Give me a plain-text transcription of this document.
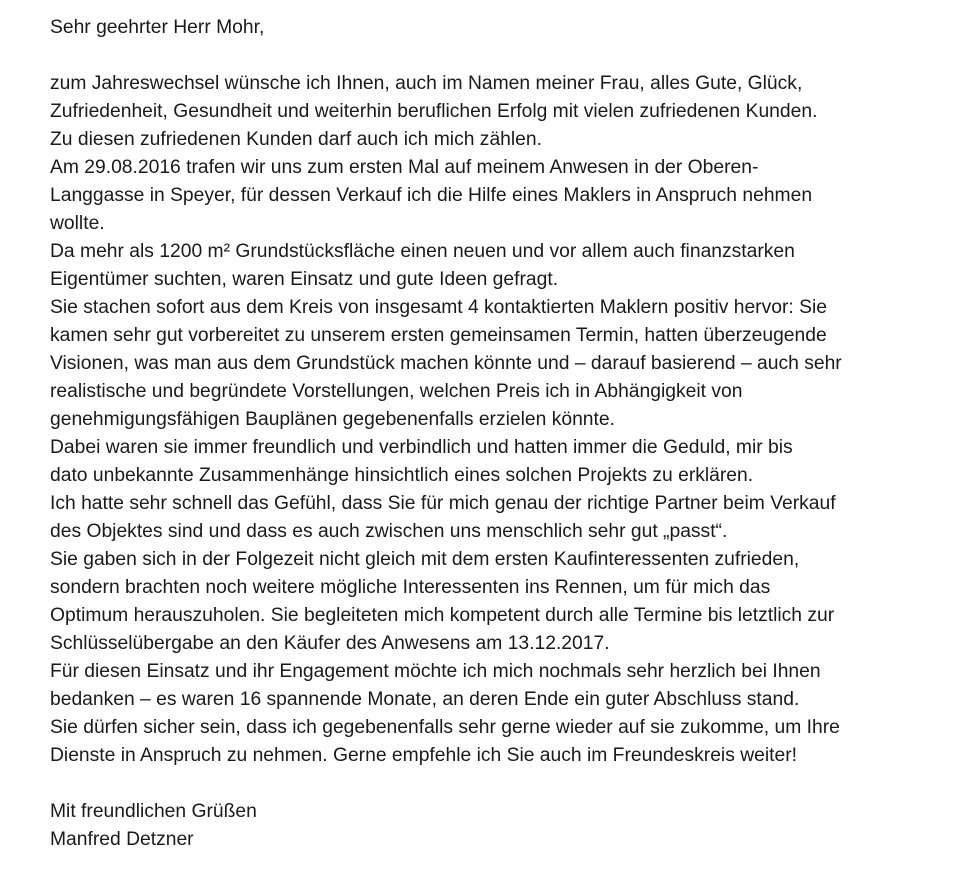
Sehr geehrter Herr Mohr,
zum Jahreswechsel wünsche ich Ihnen, auch im Namen meiner Frau, alles Gute, Glück,
Zufriedenheit, Gesundheit und weiterhin beruflichen Erfolg mit vielen zufriedenen Kunden.
Zu diesen zufriedenen Kunden darf auch ich mich zählen.
Am 29.08.2016 trafen wir uns zum ersten Mal auf meinem Anwesen in der Oberen-
Langgasse in Speyer, für dessen Verkauf ich die Hilfe eines Maklers in Anspruch nehmen
wollte.
Da mehr als 1200 m² Grundstücksfläche einen neuen und vor allem auch finanzstarken
Eigentümer suchten, waren Einsatz und gute Ideen gefragt.
Sie stachen sofort aus dem Kreis von insgesamt 4 kontaktierten Maklern positiv hervor: Sie
kamen sehr gut vorbereitet zu unserem ersten gemeinsamen Termin, hatten überzeugende
Visionen, was man aus dem Grundstück machen könnte und – darauf basierend – auch sehr
realistische und begründete Vorstellungen, welchen Preis ich in Abhängigkeit von
genehmigungsfähigen Bauplänen gegebenenfalls erzielen könnte.
Dabei waren sie immer freundlich und verbindlich und hatten immer die Geduld, mir bis
dato unbekannte Zusammenhänge hinsichtlich eines solchen Projekts zu erklären.
Ich hatte sehr schnell das Gefühl, dass Sie für mich genau der richtige Partner beim Verkauf
des Objektes sind und dass es auch zwischen uns menschlich sehr gut „passt“.
Sie gaben sich in der Folgezeit nicht gleich mit dem ersten Kaufinteressenten zufrieden,
sondern brachten noch weitere mögliche Interessenten ins Rennen, um für mich das
Optimum herauszuholen. Sie begleiteten mich kompetent durch alle Termine bis letztlich zur
Schlüsselübergabe an den Käufer des Anwesens am 13.12.2017.
Für diesen Einsatz und ihr Engagement möchte ich mich nochmals sehr herzlich bei Ihnen
bedanken – es waren 16 spannende Monate, an deren Ende ein guter Abschluss stand.
Sie dürfen sicher sein, dass ich gegebenenfalls sehr gerne wieder auf sie zukomme, um Ihre
Dienste in Anspruch zu nehmen. Gerne empfehle ich Sie auch im Freundeskreis weiter!
Mit freundlichen Grüßen
Manfred Detzner
